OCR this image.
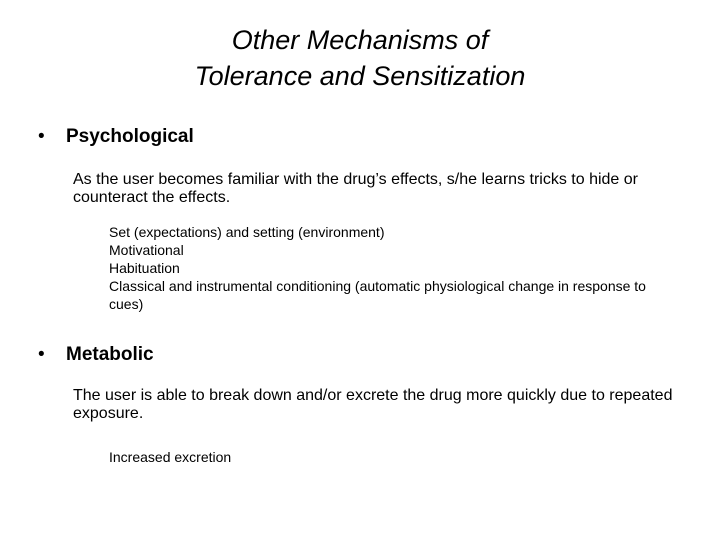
Other Mechanisms of
Tolerance and Sensitization
• Psychological
As the user becomes familiar with the drug’s effects, s/he learns tricks to hide or counteract the effects.
Set (expectations) and setting (environment)
Motivational
Habituation
Classical and instrumental conditioning (automatic physiological change in response to cues)
• Metabolic
The user is able to break down and/or excrete the drug more quickly due to repeated exposure.
Increased excretion
